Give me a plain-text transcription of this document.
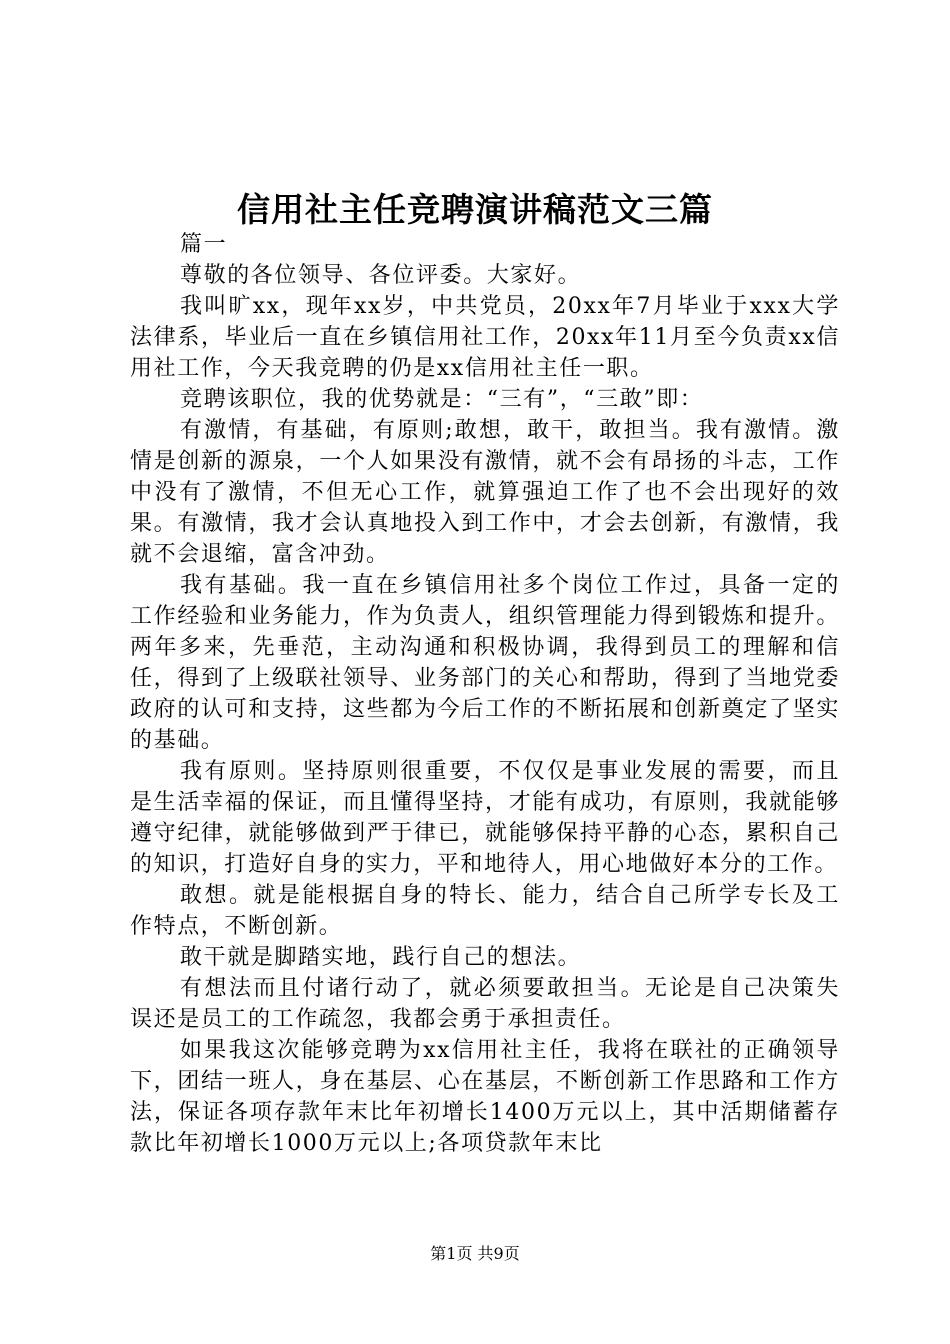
信用社主任竞聘演讲稿范文三篇

篇一

尊敬的各位领导、各位评委。大家好。

我叫旷xx，现年xx岁，中共党员，20xx年7月毕业于xxx大学法律系，毕业后一直在乡镇信用社工作，20xx年11月至今负责xx信用社工作，今天我竞聘的仍是xx信用社主任一职。

竞聘该职位，我的优势就是：“三有”，“三敢”即：

有激情，有基础，有原则;敢想，敢干，敢担当。我有激情。激情是创新的源泉，一个人如果没有激情，就不会有昂扬的斗志，工作中没有了激情，不但无心工作，就算强迫工作了也不会出现好的效果。有激情，我才会认真地投入到工作中，才会去创新，有激情，我就不会退缩，富含冲劲。

我有基础。我一直在乡镇信用社多个岗位工作过，具备一定的工作经验和业务能力，作为负责人，组织管理能力得到锻炼和提升。两年多来，先垂范，主动沟通和积极协调，我得到员工的理解和信任，得到了上级联社领导、业务部门的关心和帮助，得到了当地党委政府的认可和支持，这些都为今后工作的不断拓展和创新奠定了坚实的基础。

我有原则。坚持原则很重要，不仅仅是事业发展的需要，而且是生活幸福的保证，而且懂得坚持，才能有成功，有原则，我就能够遵守纪律，就能够做到严于律已，就能够保持平静的心态，累积自己的知识，打造好自身的实力，平和地待人，用心地做好本分的工作。

敢想。就是能根据自身的特长、能力，结合自己所学专长及工作特点，不断创新。

敢干就是脚踏实地，践行自己的想法。

有想法而且付诸行动了，就必须要敢担当。无论是自己决策失误还是员工的工作疏忽，我都会勇于承担责任。

如果我这次能够竞聘为xx信用社主任，我将在联社的正确领导下，团结一班人，身在基层、心在基层，不断创新工作思路和工作方法，保证各项存款年末比年初增长1400万元以上，其中活期储蓄存款比年初增长1000万元以上;各项贷款年末比

第1页 共9页
